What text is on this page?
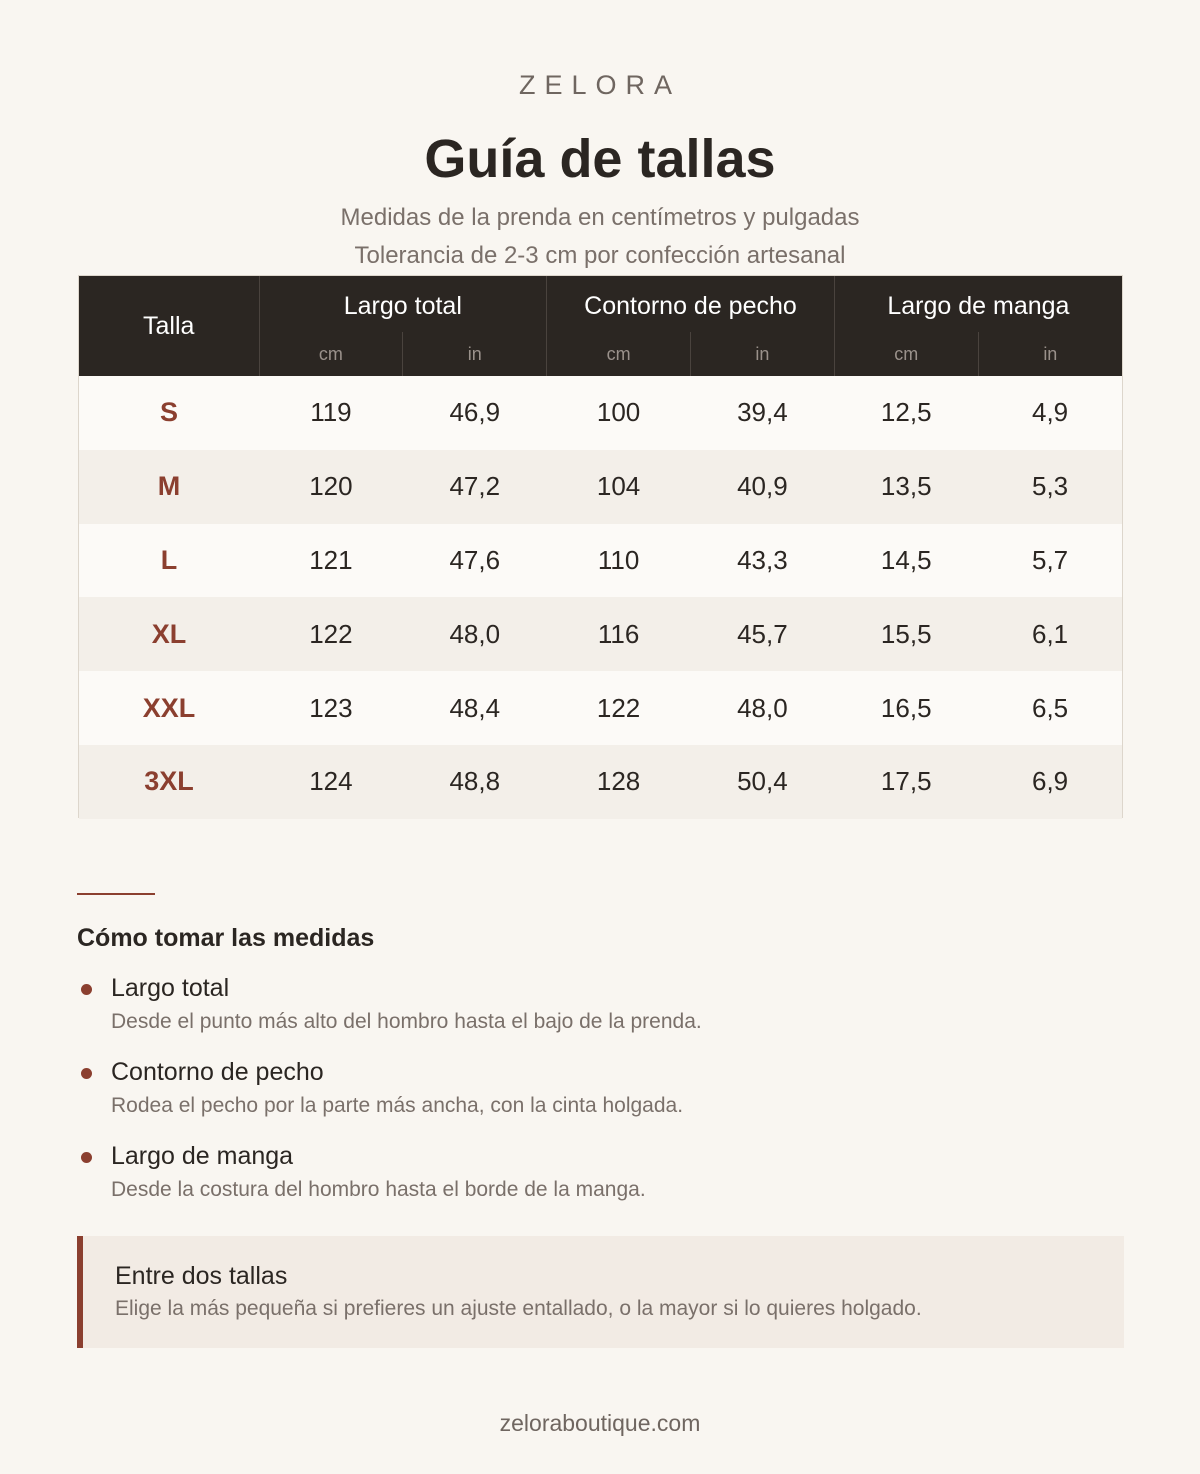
ZELORA
Guía de tallas
Medidas de la prenda en centímetros y pulgadas
Tolerancia de 2-3 cm por confección artesanal
Talla	Largo total		Contorno de pecho		Largo de manga	
	cm	in	cm	in	cm	in
S	119	46,9	100	39,4	12,5	4,9
M	120	47,2	104	40,9	13,5	5,3
L	121	47,6	110	43,3	14,5	5,7
XL	122	48,0	116	45,7	15,5	6,1
XXL	123	48,4	122	48,0	16,5	6,5
3XL	124	48,8	128	50,4	17,5	6,9
Cómo tomar las medidas
Largo total
Desde el punto más alto del hombro hasta el bajo de la prenda.
Contorno de pecho
Rodea el pecho por la parte más ancha, con la cinta holgada.
Largo de manga
Desde la costura del hombro hasta el borde de la manga.
Entre dos tallas
Elige la más pequeña si prefieres un ajuste entallado, o la mayor si lo quieres holgado.
zeloraboutique.com
